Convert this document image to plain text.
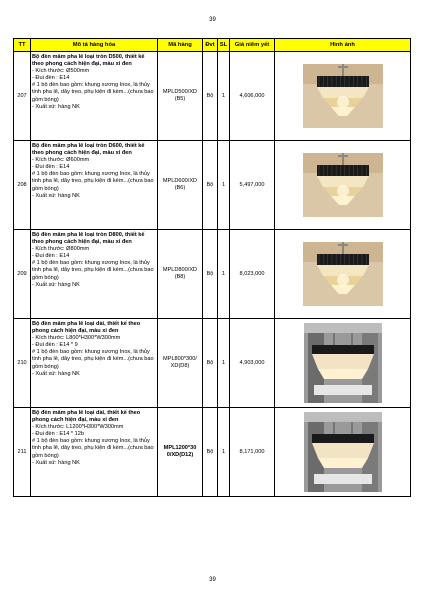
39
TT	Mô tả hàng hóa	Mã hàng	Đvt	SL	Giá niêm yết	Hình ảnh
207	Bộ đèn mâm pha lê loại tròn D500, thiết kế theo phong cách hiện đại, màu xi đen
- Kích thước: Ø500mm
- Đui đèn : E14
# 1 bộ đèn bao gồm: khung xương Inox, là thủy tinh pha lê, dây treo, phụ kiện đi kèm...(chưa bao gồm bóng)
- Xuất xứ: hàng NK	MPLD500/XD (B5)	Bộ	1	4,606,000	

208	Bộ đèn mâm pha lê loại tròn D600, thiết kế theo phong cách hiện đại, màu xi đen
- Kích thước: Ø600mm
- Đui đèn : E14
# 1 bộ đèn bao gồm: khung xương Inox, là thủy tinh pha lê, dây treo, phụ kiện đi kèm...(chưa bao gồm bóng)
- Xuất xứ: hàng NK	MPLD600/XD (B6)	Bộ	1	5,497,000	

209	Bộ đèn mâm pha lê loại tròn D800, thiết kế theo phong cách hiện đại, màu xi đen
- Kích thước: Ø800mm
- Đui đèn : E14
# 1 bộ đèn bao gồm: khung xương Inox, là thủy tinh pha lê, dây treo, phụ kiện đi kèm...(chưa bao gồm bóng)
- Xuất xứ: hàng NK	MPLD800/XD (B8)	Bộ	1	8,023,000	

210	Bộ đèn mâm pha lê loại dài, thiết kế theo phong cách hiện đại, màu xi đen
- Kích thước: L800*H300*W300mm
- Đui đèn : E14 * 9
# 1 bộ đèn bao gồm: khung xương Inox, là thủy tinh pha lê, dây treo, phụ kiện đi kèm...(chưa bao gồm bóng)
- Xuất xứ: hàng NK	MPL800*300/ XD(D8)	Bộ	1	4,903,000	

211	Bộ đèn mâm pha lê loại dài, thiết kế theo phong cách hiện đại, màu xi đen
- Kích thước: L1200*H300*W300mm
- Đui đèn : E14 * 12b
# 1 bộ đèn bao gồm: khung xương Inox, là thủy tinh pha lê, dây treo, phụ kiện đi kèm...(chưa bao gồm bóng)
- Xuất xứ: hàng NK	MPL1200*30 0/XD(D12)	Bộ	1	8,171,000	
39
